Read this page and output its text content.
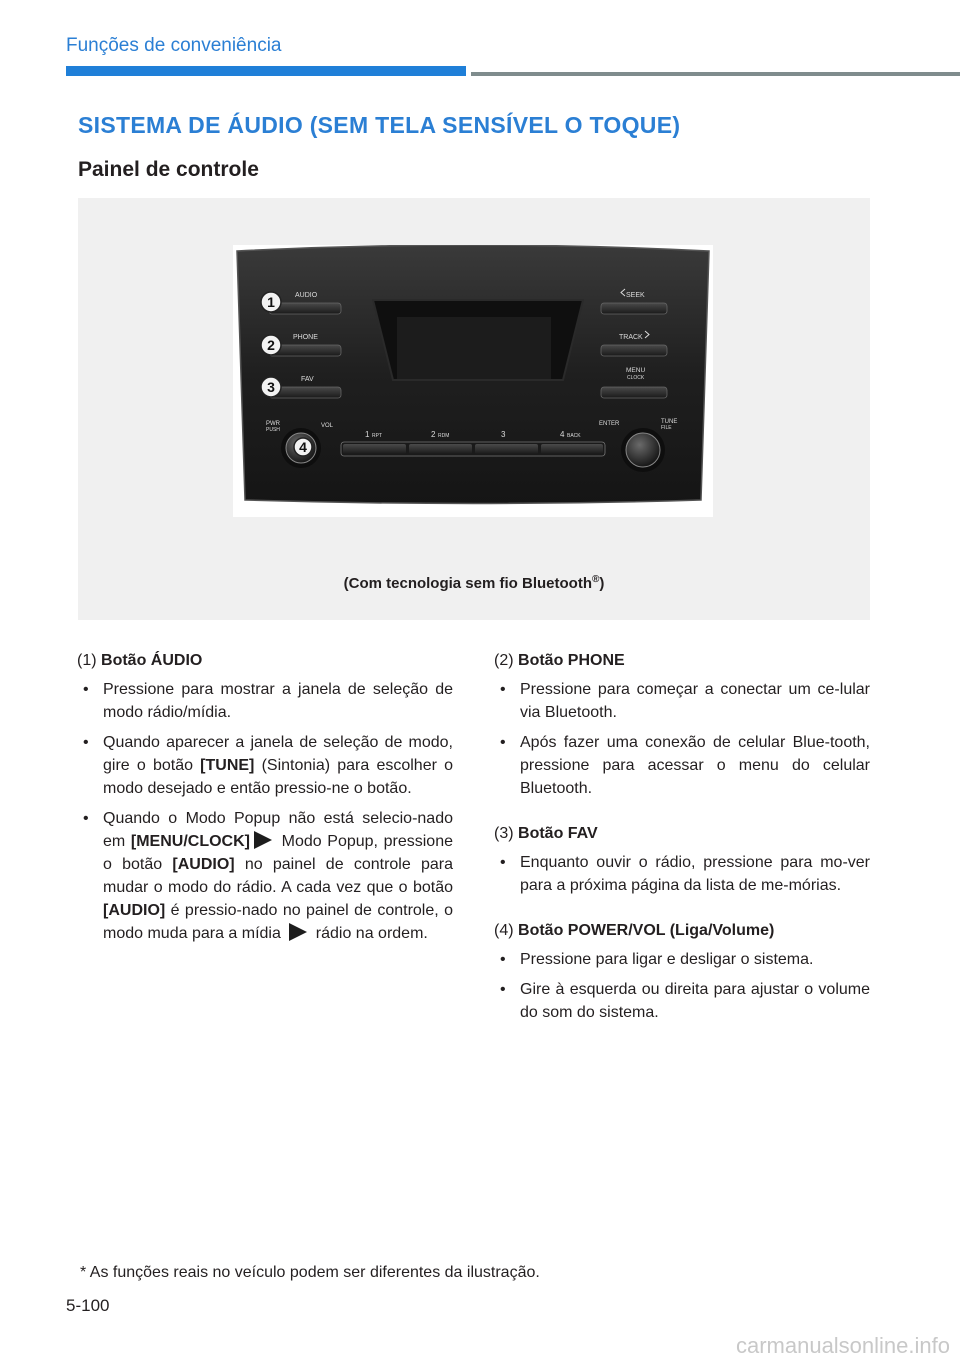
Funções de conveniência
SISTEMA DE ÁUDIO (SEM TELA SENSÍVEL O TOQUE)
Painel de controle
AUDIO
PHONE
FAV
PWR
PUSH
VOL
SEEK
TRACK
MENU
CLOCK
ENTER	TUNE
FILE
1 RPT	2 RDM	3	4 BACK
1
2
3
4
(Com tecnologia sem fio Bluetooth®)
(1) Botão ÁUDIO
• Pressione para mostrar a janela de seleção de modo rádio/mídia.
• Quando aparecer a janela de seleção de modo, gire o botão [TUNE] (Sintonia) para escolher o modo desejado e então pressio-ne o botão.
• Quando o Modo Popup não está selecio-nado em [MENU/CLOCK] Modo Popup, pressione o botão [AUDIO] no painel de controle para mudar o modo do rádio. A cada vez que o botão [AUDIO] é pressio-nado no painel de controle, o modo muda para a mídia  rádio na ordem.
(2) Botão PHONE
• Pressione para começar a conectar um ce-lular via Bluetooth.
• Após fazer uma conexão de celular Blue-tooth, pressione para acessar o menu do celular Bluetooth.
(3) Botão FAV
• Enquanto ouvir o rádio, pressione para mo-ver para a próxima página da lista de me-mórias.
(4) Botão POWER/VOL (Liga/Volume)
• Pressione para ligar e desligar o sistema.
• Gire à esquerda ou direita para ajustar o volume do som do sistema.
* As funções reais no veículo podem ser diferentes da ilustração.
5-100
carmanualsonline.info
